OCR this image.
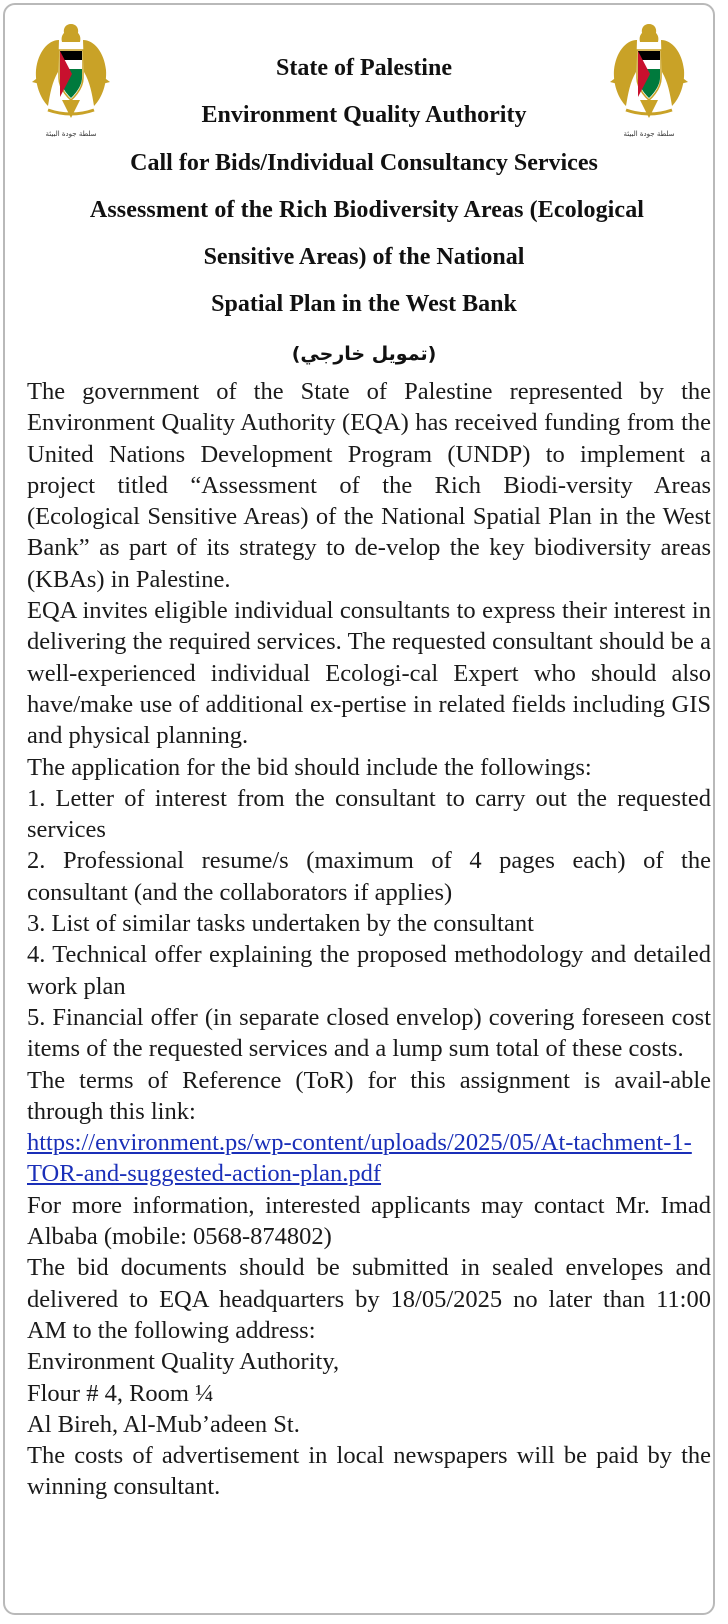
سلطة جودة البيئة	سلطة جودة البيئة
State of Palestine
Environment Quality Authority
Call for Bids/Individual Consultancy Services
Assessment of the Rich Biodiversity Areas (Ecological
Sensitive Areas) of the National
Spatial Plan in the West Bank
(تمويل خارجي)

The government of the State of Palestine represented by the Environment Quality Authority (EQA) has received funding from the United Nations Development Program (UNDP) to implement a project titled “Assessment of the Rich Biodi-versity Areas (Ecological Sensitive Areas) of the National Spatial Plan in the West Bank” as part of its strategy to de-velop the key biodiversity areas (KBAs) in Palestine.

EQA invites eligible individual consultants to express their interest in delivering the required services. The requested consultant should be a well-experienced individual Ecologi-cal Expert who should also have/make use of additional ex-pertise in related fields including GIS and physical planning.

The application for the bid should include the followings:

1. Letter of interest from the consultant to carry out the requested services

2. Professional resume/s (maximum of 4 pages each) of the consultant (and the collaborators if applies)

3. List of similar tasks undertaken by the consultant

4. Technical offer explaining the proposed methodology and detailed work plan

5. Financial offer (in separate closed envelop) covering foreseen cost items of the requested services and a lump sum total of these costs.

The terms of Reference (ToR) for this assignment is avail-able through this link:

https://environment.ps/wp-content/uploads/2025/05/At-tachment-1-TOR-and-suggested-action-plan.pdf

For more information, interested applicants may contact Mr. Imad Albaba (mobile: 0568-874802)

The bid documents should be submitted in sealed envelopes and delivered to EQA headquarters by 18/05/2025 no later than 11:00 AM to the following address:

Environment Quality Authority,

Flour # 4, Room ¼

Al Bireh, Al-Mub’adeen St.

The costs of advertisement in local newspapers will be paid by the winning consultant.
